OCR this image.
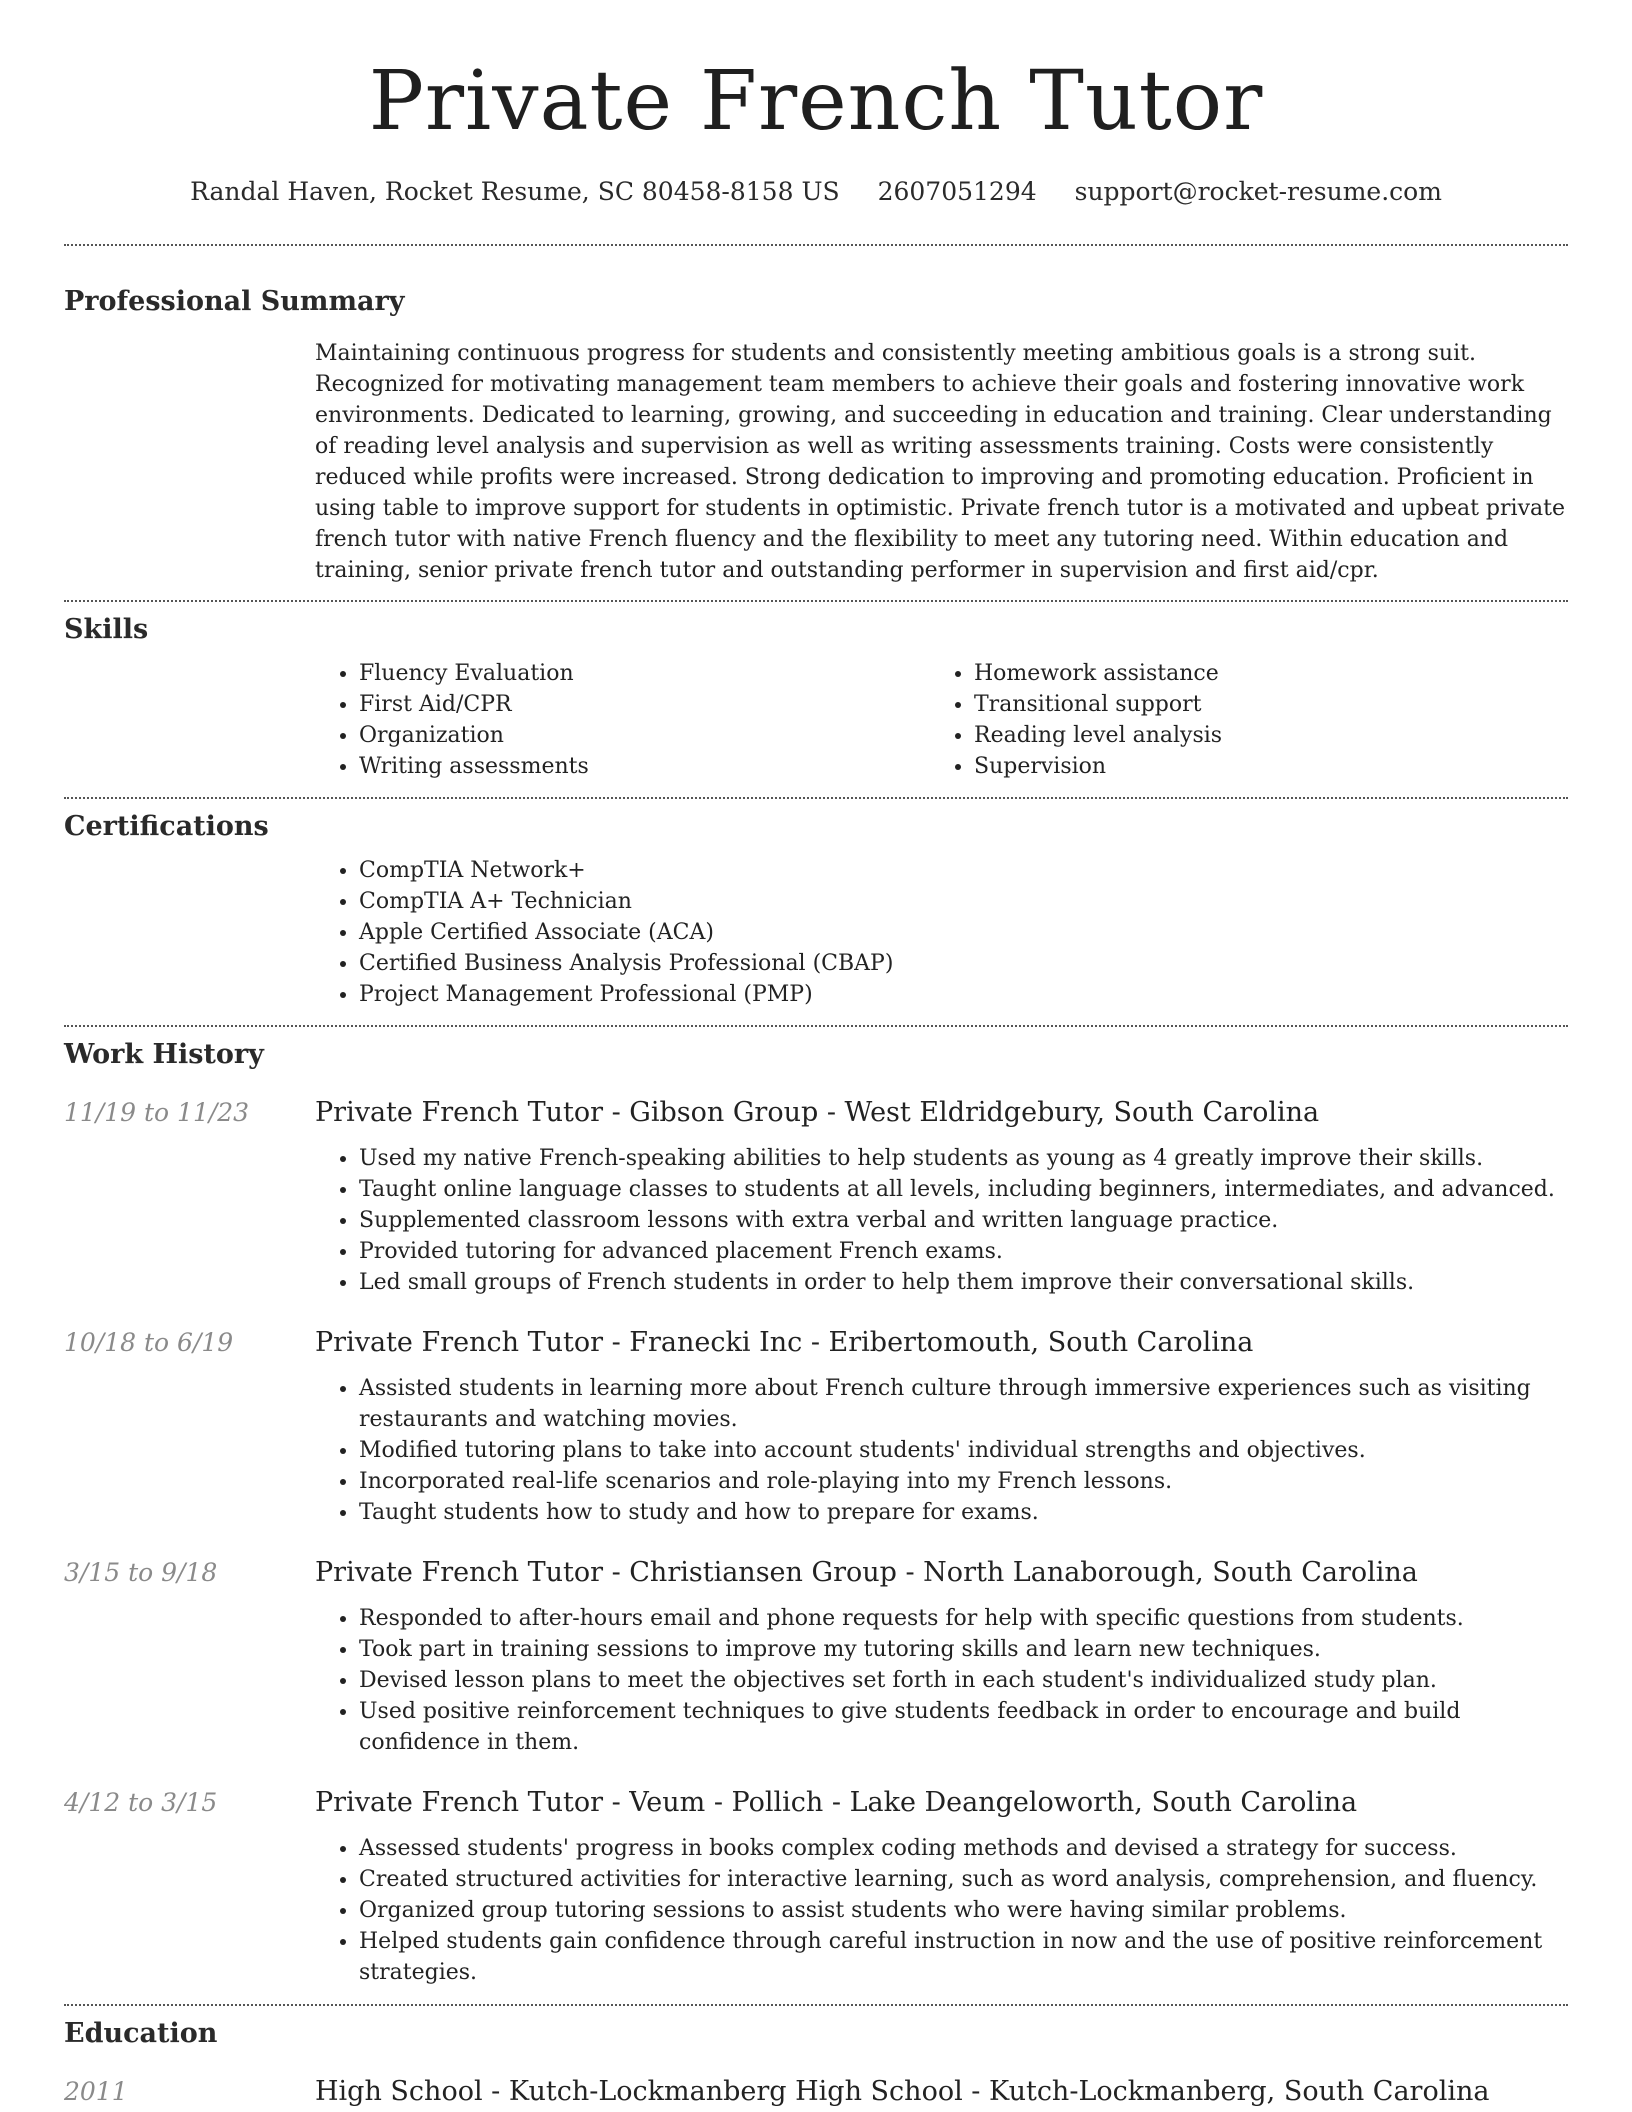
Private French Tutor
Randal Haven, Rocket Resume, SC 80458-8158 US 2607051294 support@rocket-resume.com
Professional Summary

Maintaining continuous progress for students and consistently meeting ambitious goals is a strong suit. Recognized for motivating management team members to achieve their goals and fostering innovative work environments. Dedicated to learning, growing, and succeeding in education and training. Clear understanding of reading level analysis and supervision as well as writing assessments training. Costs were consistently reduced while profits were increased. Strong dedication to improving and promoting education. Proficient in using table to improve support for students in optimistic. Private french tutor is a motivated and upbeat private french tutor with native French fluency and the flexibility to meet any tutoring need. Within education and training, senior private french tutor and outstanding performer in supervision and first aid/cpr.

Skills
• Fluency Evaluation
• First Aid/CPR
• Organization
• Writing assessments
• Homework assistance
• Transitional support
• Reading level analysis
• Supervision
Certifications
• CompTIA Network+
• CompTIA A+ Technician
• Apple Certified Associate (ACA)
• Certified Business Analysis Professional (CBAP)
• Project Management Professional (PMP)
Work History
11/19 to 11/23	Private French Tutor - Gibson Group - West Eldridgebury, South Carolina
• Used my native French-speaking abilities to help students as young as 4 greatly improve their skills.
• Taught online language classes to students at all levels, including beginners, intermediates, and advanced.
• Supplemented classroom lessons with extra verbal and written language practice.
• Provided tutoring for advanced placement French exams.
• Led small groups of French students in order to help them improve their conversational skills.
10/18 to 6/19	Private French Tutor - Franecki Inc - Eribertomouth, South Carolina
• Assisted students in learning more about French culture through immersive experiences such as visiting restaurants and watching movies.
• Modified tutoring plans to take into account students' individual strengths and objectives.
• Incorporated real-life scenarios and role-playing into my French lessons.
• Taught students how to study and how to prepare for exams.
3/15 to 9/18	Private French Tutor - Christiansen Group - North Lanaborough, South Carolina
• Responded to after-hours email and phone requests for help with specific questions from students.
• Took part in training sessions to improve my tutoring skills and learn new techniques.
• Devised lesson plans to meet the objectives set forth in each student's individualized study plan.
• Used positive reinforcement techniques to give students feedback in order to encourage and build confidence in them.
4/12 to 3/15	Private French Tutor - Veum - Pollich - Lake Deangeloworth, South Carolina
• Assessed students' progress in books complex coding methods and devised a strategy for success.
• Created structured activities for interactive learning, such as word analysis, comprehension, and fluency.
• Organized group tutoring sessions to assist students who were having similar problems.
• Helped students gain confidence through careful instruction in now and the use of positive reinforcement strategies.
Education
2011	High School - Kutch-Lockmanberg High School - Kutch-Lockmanberg, South Carolina
